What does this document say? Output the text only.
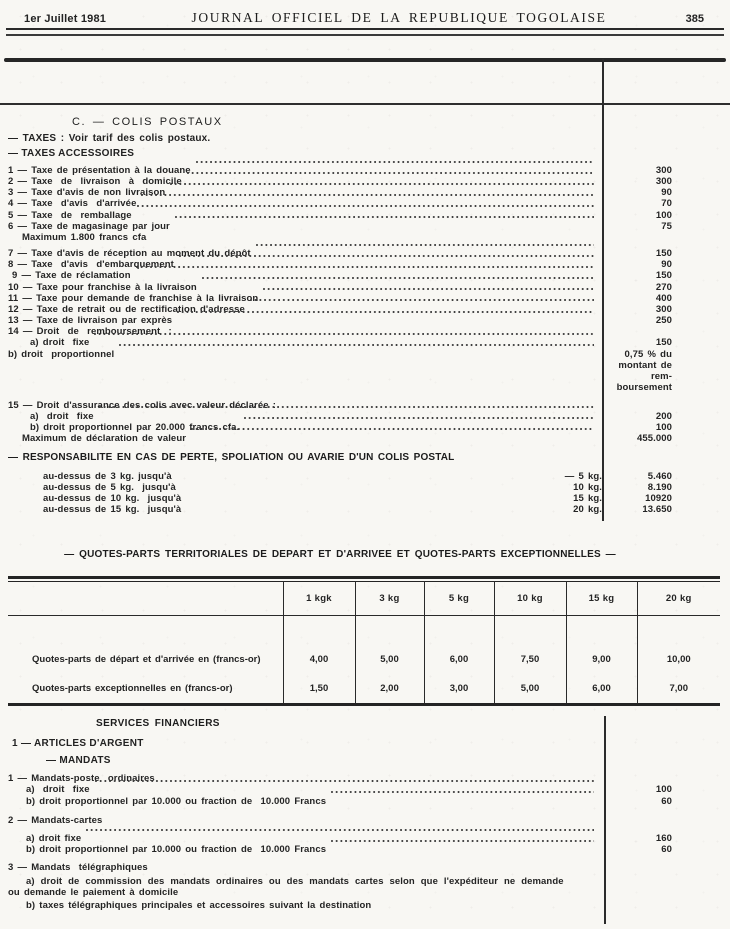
1er Juillet 1981	JOURNAL OFFICIEL DE LA REPUBLIQUE TOGOLAISE	385
C. — COLIS POSTAUX
— TAXES : Voir tarif des colis postaux.
— TAXES ACCESSOIRES
1 — Taxe de présentation à la douane	300
2 — Taxe  de  livraison  à  domicile	300
3 — Taxe d'avis de non livraison	90
4 — Taxe  d'avis  d'arrivée	70
5 — Taxe  de  remballage	100
6 — Taxe de magasinage par jour	75
Maximum 1.800 francs cfa
7 — Taxe d'avis de réception au moment du dépôt	150
8 — Taxe  d'avis  d'embarquement	90
9 — Taxe de réclamation	150
10 — Taxe pour franchise à la livraison	270
11 — Taxe pour demande de franchise à la livraison	400
12 — Taxe de retrait ou de rectification d'adresse	300
13 — Taxe de livraison par exprès	250
14 — Droit  de  remboursement  :
a) droit  fixe	150
b) droit  proportionnel	0,75 % du
montant de rem-
boursement
15 — Droit d'assurance des colis avec valeur déclarée :
a)  droit  fixe	200
b) droit proportionnel par 20.000 francs cfa.	100
Maximum de déclaration de valeur	455.000
— RESPONSABILITE EN CAS DE PERTE, SPOLIATION OU AVARIE D'UN COLIS POSTAL
au-dessus de 3 kg. jusqu'à	— 5 kg.	5.460
au-dessus de 5 kg.  jusqu'à	10 kg.	8.190
au-dessus de 10 kg.  jusqu'à	15 kg.	10920
au-dessus de 15 kg.  jusqu'à	20 kg.	13.650
— QUOTES-PARTS TERRITORIALES DE DEPART ET D'ARRIVEE ET QUOTES-PARTS EXCEPTIONNELLES —
	1 kgk	3 kg	5 kg	10 kg	15 kg	20 kg

Quotes-parts de départ et d'arrivée en (francs-or)	4,00	5,00	6,00	7,50	9,00	10,00
Quotes-parts exceptionnelles en (francs-or)	1,50	2,00	3,00	5,00	6,00	7,00
SERVICES FINANCIERS
1 — ARTICLES D'ARGENT
— MANDATS
1 — Mandats-poste  ordinaires
a)  droit  fixe	100
b) droit proportionnel par 10.000 ou fraction de  10.000 Francs	60
2 — Mandats-cartes
a) droit fixe	160
b) droit proportionnel par 10.000 ou fraction de  10.000 Francs	60
3 — Mandats  télégraphiques
a) droit de commission des mandats ordinaires ou des mandats cartes selon que l'expéditeur ne demande
ou demande le paiement à domicile
b) taxes télégraphiques principales et accessoires suivant la destination
